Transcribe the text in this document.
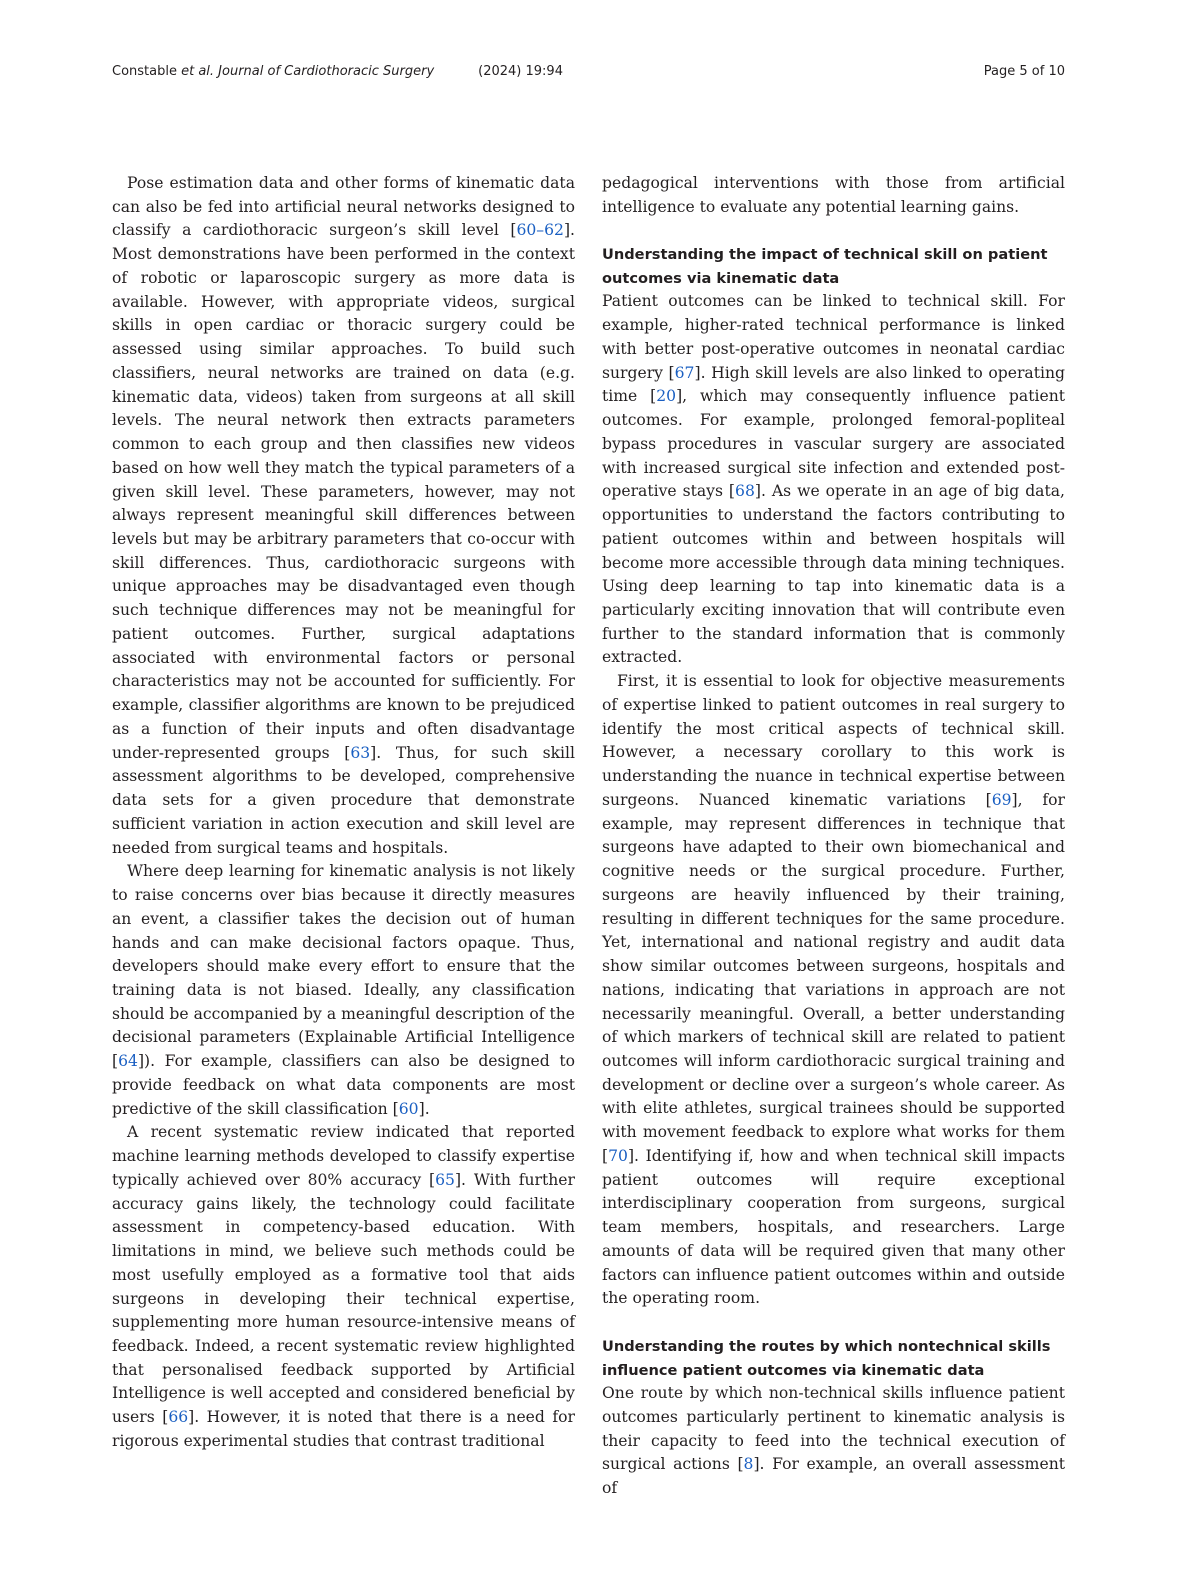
Constable et al. Journal of Cardiothoracic Surgery	(2024) 19:94	Page 5 of 10

Pose estimation data and other forms of kinematic data can also be fed into artificial neural networks designed to classify a cardiothoracic surgeon’s skill level [60–62]. Most demonstrations have been performed in the context of robotic or laparoscopic surgery as more data is available. However, with appropriate videos, surgical skills in open cardiac or thoracic surgery could be assessed using similar approaches. To build such classifiers, neural networks are trained on data (e.g. kinematic data, videos) taken from surgeons at all skill levels. The neural network then extracts parameters common to each group and then classifies new videos based on how well they match the typical parameters of a given skill level. These parameters, however, may not always represent meaningful skill differences between levels but may be arbitrary parameters that co-occur with skill differences. Thus, cardiothoracic surgeons with unique approaches may be disadvantaged even though such technique differences may not be meaningful for patient outcomes. Further, surgical adaptations associated with environmental factors or personal characteristics may not be accounted for sufficiently. For example, classifier algorithms are known to be prejudiced as a function of their inputs and often disadvantage under-represented groups [63]. Thus, for such skill assessment algorithms to be developed, comprehensive data sets for a given procedure that demonstrate sufficient variation in action execution and skill level are needed from surgical teams and hospitals.

Where deep learning for kinematic analysis is not likely to raise concerns over bias because it directly measures an event, a classifier takes the decision out of human hands and can make decisional factors opaque. Thus, developers should make every effort to ensure that the training data is not biased. Ideally, any classification should be accompanied by a meaningful description of the decisional parameters (Explainable Artificial Intelligence [64]). For example, classifiers can also be designed to provide feedback on what data components are most predictive of the skill classification [60].

A recent systematic review indicated that reported machine learning methods developed to classify expertise typically achieved over 80% accuracy [65]. With further accuracy gains likely, the technology could facilitate assessment in competency-based education. With limitations in mind, we believe such methods could be most usefully employed as a formative tool that aids surgeons in developing their technical expertise, supplementing more human resource-intensive means of feedback. Indeed, a recent systematic review highlighted that personalised feedback supported by Artificial Intelligence is well accepted and considered beneficial by users [66]. However, it is noted that there is a need for rigorous experimental studies that contrast traditional

pedagogical interventions with those from artificial intelligence to evaluate any potential learning gains.

Understanding the impact of technical skill on patient outcomes via kinematic data

Patient outcomes can be linked to technical skill. For example, higher-rated technical performance is linked with better post-operative outcomes in neonatal cardiac surgery [67]. High skill levels are also linked to operating time [20], which may consequently influence patient outcomes. For example, prolonged femoral-popliteal bypass procedures in vascular surgery are associated with increased surgical site infection and extended post-operative stays [68]. As we operate in an age of big data, opportunities to understand the factors contributing to patient outcomes within and between hospitals will become more accessible through data mining techniques. Using deep learning to tap into kinematic data is a particularly exciting innovation that will contribute even further to the standard information that is commonly extracted.

First, it is essential to look for objective measurements of expertise linked to patient outcomes in real surgery to identify the most critical aspects of technical skill. However, a necessary corollary to this work is understanding the nuance in technical expertise between surgeons. Nuanced kinematic variations [69], for example, may represent differences in technique that surgeons have adapted to their own biomechanical and cognitive needs or the surgical procedure. Further, surgeons are heavily influenced by their training, resulting in different techniques for the same procedure. Yet, international and national registry and audit data show similar outcomes between surgeons, hospitals and nations, indicating that variations in approach are not necessarily meaningful. Overall, a better understanding of which markers of technical skill are related to patient outcomes will inform cardiothoracic surgical training and development or decline over a surgeon’s whole career. As with elite athletes, surgical trainees should be supported with movement feedback to explore what works for them [70]. Identifying if, how and when technical skill impacts patient outcomes will require exceptional interdisciplinary cooperation from surgeons, surgical team members, hospitals, and researchers. Large amounts of data will be required given that many other factors can influence patient outcomes within and outside the operating room.

Understanding the routes by which nontechnical skills influence patient outcomes via kinematic data

One route by which non-technical skills influence patient outcomes particularly pertinent to kinematic analysis is their capacity to feed into the technical execution of surgical actions [8]. For example, an overall assessment of
